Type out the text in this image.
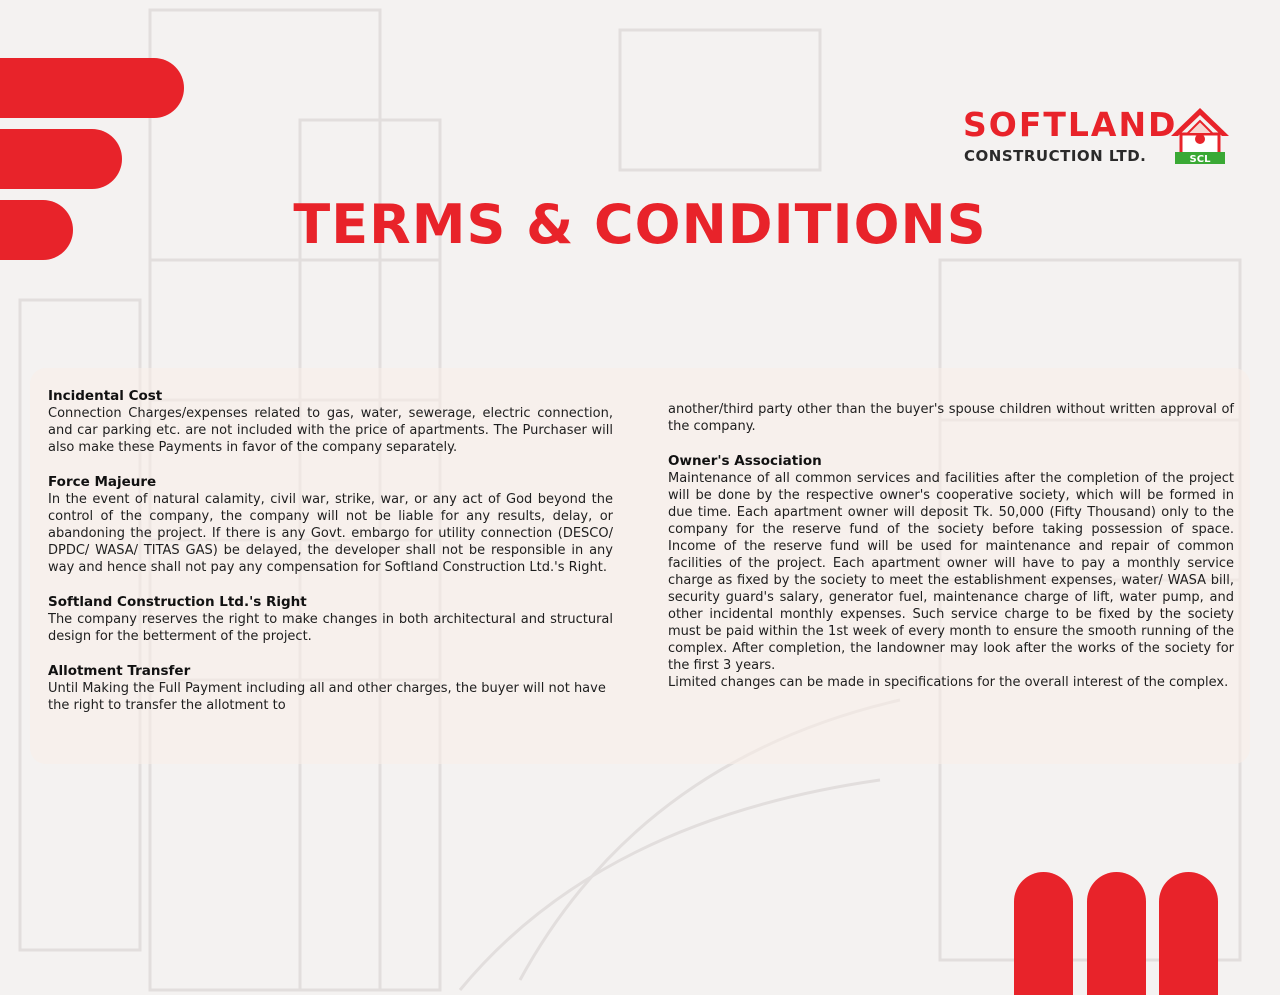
SOFTLAND
CONSTRUCTION LTD.	SCL
TERMS & CONDITIONS
Incidental Cost

Connection Charges/expenses related to gas, water, sewerage, electric connection, and car parking etc. are not included with the price of apartments. The Purchaser will also make these Payments in favor of the company separately.

Force Majeure

In the event of natural calamity, civil war, strike, war, or any act of God beyond the control of the company, the company will not be liable for any results, delay, or abandoning the project. If there is any Govt. embargo for utility connection (DESCO/ DPDC/ WASA/ TITAS GAS) be delayed, the developer shall not be responsible in any way and hence shall not pay any compensation for Softland Construction Ltd.'s Right.

Softland Construction Ltd.'s Right

The company reserves the right to make changes in both architectural and structural design for the betterment of the project.

Allotment Transfer

Until Making the Full Payment including all and other charges, the buyer will not have the right to transfer the allotment to

another/third party other than the buyer's spouse children without written approval of the company.

Owner's Association

Maintenance of all common services and facilities after the completion of the project will be done by the respective owner's cooperative society, which will be formed in due time. Each apartment owner will deposit Tk. 50,000 (Fifty Thousand) only to the company for the reserve fund of the society before taking possession of space. Income of the reserve fund will be used for maintenance and repair of common facilities of the project. Each apartment owner will have to pay a monthly service charge as fixed by the society to meet the establishment expenses, water/ WASA bill, security guard's salary, generator fuel, maintenance charge of lift, water pump, and other incidental monthly expenses. Such service charge to be fixed by the society must be paid within the 1st week of every month to ensure the smooth running of the complex. After completion, the landowner may look after the works of the society for the first 3 years.

Limited changes can be made in specifications for the overall interest of the complex.
